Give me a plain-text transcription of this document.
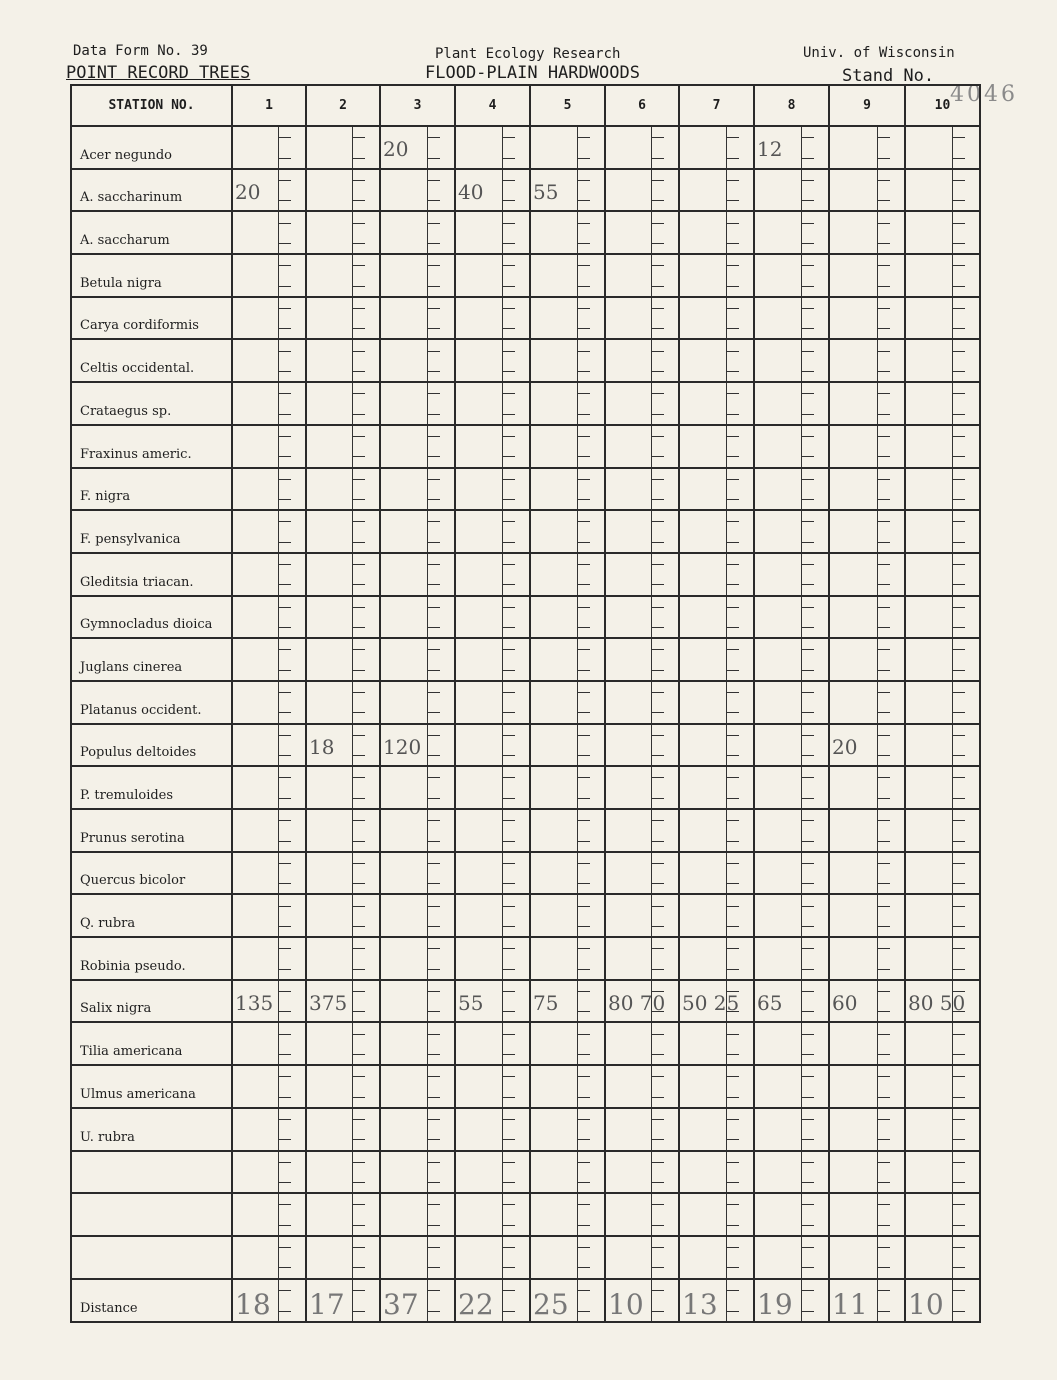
Data Form No. 39
POINT RECORD TREES
Plant Ecology Research
FLOOD-PLAIN HARDWOODS
Univ. of Wisconsin
Stand No.
4046
STATION NO.	1	2	3	4	5	6	7	8	9	10
Acer negundo			20					12		

A. saccharinum	20			40	55					

A. saccharum	

Betula nigra	

Carya cordiformis	

Celtis occidental.	

Crataegus sp.	

Fraxinus americ.	

F. nigra	

F. pensylvanica	

Gleditsia triacan.	

Gymnocladus dioica	

Juglans cinerea	

Platanus occident.	

Populus deltoides		18	120						20	

P. tremuloides	

Prunus serotina	

Quercus bicolor	

Q. rubra	

Robinia pseudo.	

Salix nigra	135	375		55	75	80 70	50 25	65	60	80 50

Tilia americana	

Ulmus americana	

U. rubra	

Distance	18	17	37	22	25	10	13	19	11	10
